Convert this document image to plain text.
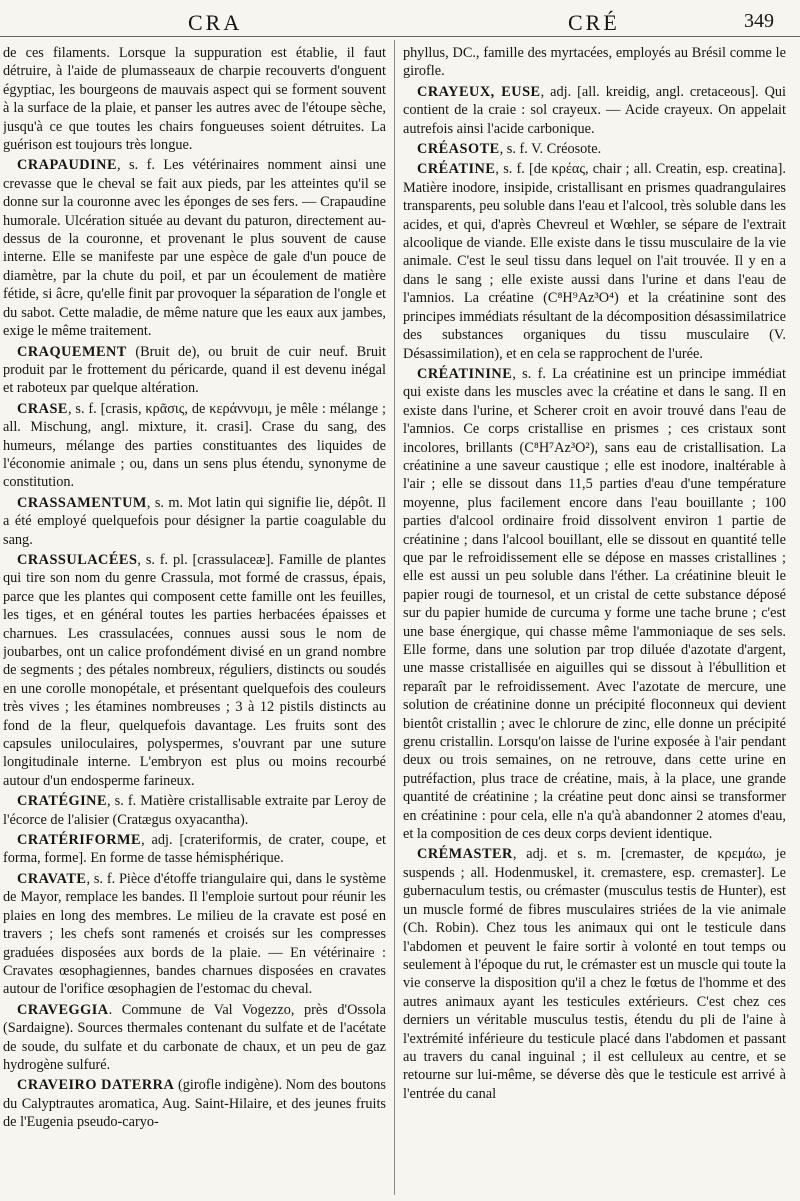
CRA	CRÉ	349

de ces filaments. Lorsque la suppuration est établie, il faut détruire, à l'aide de plumasseaux de charpie recouverts d'onguent égyptiac, les bourgeons de mauvais aspect qui se forment souvent à la surface de la plaie, et panser les autres avec de l'étoupe sèche, jusqu'à ce que toutes les chairs fongueuses soient détruites. La guérison est toujours très longue.

CRAPAUDINE, s. f. Les vétérinaires nomment ainsi une crevasse que le cheval se fait aux pieds, par les atteintes qu'il se donne sur la couronne avec les éponges de ses fers. — Crapaudine humorale. Ulcération située au devant du paturon, directement au-dessus de la couronne, et provenant le plus souvent de cause interne. Elle se manifeste par une espèce de gale d'un pouce de diamètre, par la chute du poil, et par un écoulement de matière fétide, si âcre, qu'elle finit par provoquer la séparation de l'ongle et du sabot. Cette maladie, de même nature que les eaux aux jambes, exige le même traitement.

CRAQUEMENT (Bruit de), ou bruit de cuir neuf. Bruit produit par le frottement du péricarde, quand il est devenu inégal et raboteux par quelque altération.

CRASE, s. f. [crasis, κρᾶσις, de κεράννυμι, je mêle : mélange ; all. Mischung, angl. mixture, it. crasi]. Crase du sang, des humeurs, mélange des parties constituantes des liquides de l'économie animale ; ou, dans un sens plus étendu, synonyme de constitution.

CRASSAMENTUM, s. m. Mot latin qui signifie lie, dépôt. Il a été employé quelquefois pour désigner la partie coagulable du sang.

CRASSULACÉES, s. f. pl. [crassulaceæ]. Famille de plantes qui tire son nom du genre Crassula, mot formé de crassus, épais, parce que les plantes qui composent cette famille ont les feuilles, les tiges, et en général toutes les parties herbacées épaisses et charnues. Les crassulacées, connues aussi sous le nom de joubarbes, ont un calice profondément divisé en un grand nombre de segments ; des pétales nombreux, réguliers, distincts ou soudés en une corolle monopétale, et présentant quelquefois des couleurs très vives ; les étamines nombreuses ; 3 à 12 pistils distincts au fond de la fleur, quelquefois davantage. Les fruits sont des capsules uniloculaires, polyspermes, s'ouvrant par une suture longitudinale interne. L'embryon est plus ou moins recourbé autour d'un endosperme farineux.

CRATÉGINE, s. f. Matière cristallisable extraite par Leroy de l'écorce de l'alisier (Cratægus oxyacantha).

CRATÉRIFORME, adj. [crateriformis, de crater, coupe, et forma, forme]. En forme de tasse hémisphérique.

CRAVATE, s. f. Pièce d'étoffe triangulaire qui, dans le système de Mayor, remplace les bandes. Il l'emploie surtout pour réunir les plaies en long des membres. Le milieu de la cravate est posé en travers ; les chefs sont ramenés et croisés sur les compresses graduées disposées aux bords de la plaie. — En vétérinaire : Cravates œsophagiennes, bandes charnues disposées en cravates autour de l'orifice œsophagien de l'estomac du cheval.

CRAVEGGIA. Commune de Val Vogezzo, près d'Ossola (Sardaigne). Sources thermales contenant du sulfate et de l'acétate de soude, du sulfate et du carbonate de chaux, et un peu de gaz hydrogène sulfuré.

CRAVEIRO DATERRA (girofle indigène). Nom des boutons du Calyptrautes aromatica, Aug. Saint-Hilaire, et des jeunes fruits de l'Eugenia pseudo-caryo-

phyllus, DC., famille des myrtacées, employés au Brésil comme le girofle.

CRAYEUX, EUSE, adj. [all. kreidig, angl. cretaceous]. Qui contient de la craie : sol crayeux. — Acide crayeux. On appelait autrefois ainsi l'acide carbonique.

CRÉASOTE, s. f. V. Créosote.

CRÉATINE, s. f. [de κρέας, chair ; all. Creatin, esp. creatina]. Matière inodore, insipide, cristallisant en prismes quadrangulaires transparents, peu soluble dans l'eau et l'alcool, très soluble dans les acides, et qui, d'après Chevreul et Wœhler, se sépare de l'extrait alcoolique de viande. Elle existe dans le tissu musculaire de la vie animale. C'est le seul tissu dans lequel on l'ait trouvée. Il y en a dans le sang ; elle existe aussi dans l'urine et dans l'eau de l'amnios. La créatine (C⁸H⁹Az³O⁴) et la créatinine sont des principes immédiats résultant de la décomposition désassimilatrice des substances organiques du tissu musculaire (V. Désassimilation), et en cela se rapprochent de l'urée.

CRÉATININE, s. f. La créatinine est un principe immédiat qui existe dans les muscles avec la créatine et dans le sang. Il en existe dans l'urine, et Scherer croit en avoir trouvé dans l'eau de l'amnios. Ce corps cristallise en prismes ; ces cristaux sont incolores, brillants (C⁸H⁷Az³O²), sans eau de cristallisation. La créatinine a une saveur caustique ; elle est inodore, inaltérable à l'air ; elle se dissout dans 11,5 parties d'eau d'une température moyenne, plus facilement encore dans l'eau bouillante ; 100 parties d'alcool ordinaire froid dissolvent environ 1 partie de créatinine ; dans l'alcool bouillant, elle se dissout en quantité telle que par le refroidissement elle se dépose en masses cristallines ; elle est aussi un peu soluble dans l'éther. La créatinine bleuit le papier rougi de tournesol, et un cristal de cette substance déposé sur du papier humide de curcuma y forme une tache brune ; c'est une base énergique, qui chasse même l'ammoniaque de ses sels. Elle forme, dans une solution par trop diluée d'azotate d'argent, une masse cristallisée en aiguilles qui se dissout à l'ébullition et reparaît par le refroidissement. Avec l'azotate de mercure, une solution de créatinine donne un précipité floconneux qui devient bientôt cristallin ; avec le chlorure de zinc, elle donne un précipité grenu cristallin. Lorsqu'on laisse de l'urine exposée à l'air pendant deux ou trois semaines, on ne retrouve, dans cette urine en putréfaction, plus trace de créatine, mais, à la place, une grande quantité de créatinine ; la créatine peut donc ainsi se transformer en créatinine : pour cela, elle n'a qu'à abandonner 2 atomes d'eau, et la composition de ces deux corps devient identique.

CRÉMASTER, adj. et s. m. [cremaster, de κρεμάω, je suspends ; all. Hodenmuskel, it. cremastere, esp. cremaster]. Le gubernaculum testis, ou crémaster (musculus testis de Hunter), est un muscle formé de fibres musculaires striées de la vie animale (Ch. Robin). Chez tous les animaux qui ont le testicule dans l'abdomen et peuvent le faire sortir à volonté en tout temps ou seulement à l'époque du rut, le crémaster est un muscle qui toute la vie conserve la disposition qu'il a chez le fœtus de l'homme et des autres animaux ayant les testicules extérieurs. C'est chez ces derniers un véritable musculus testis, étendu du pli de l'aine à l'extrémité inférieure du testicule placé dans l'abdomen et passant au travers du canal inguinal ; il est celluleux au centre, et se retourne sur lui-même, se déverse dès que le testicule est arrivé à l'entrée du canal
